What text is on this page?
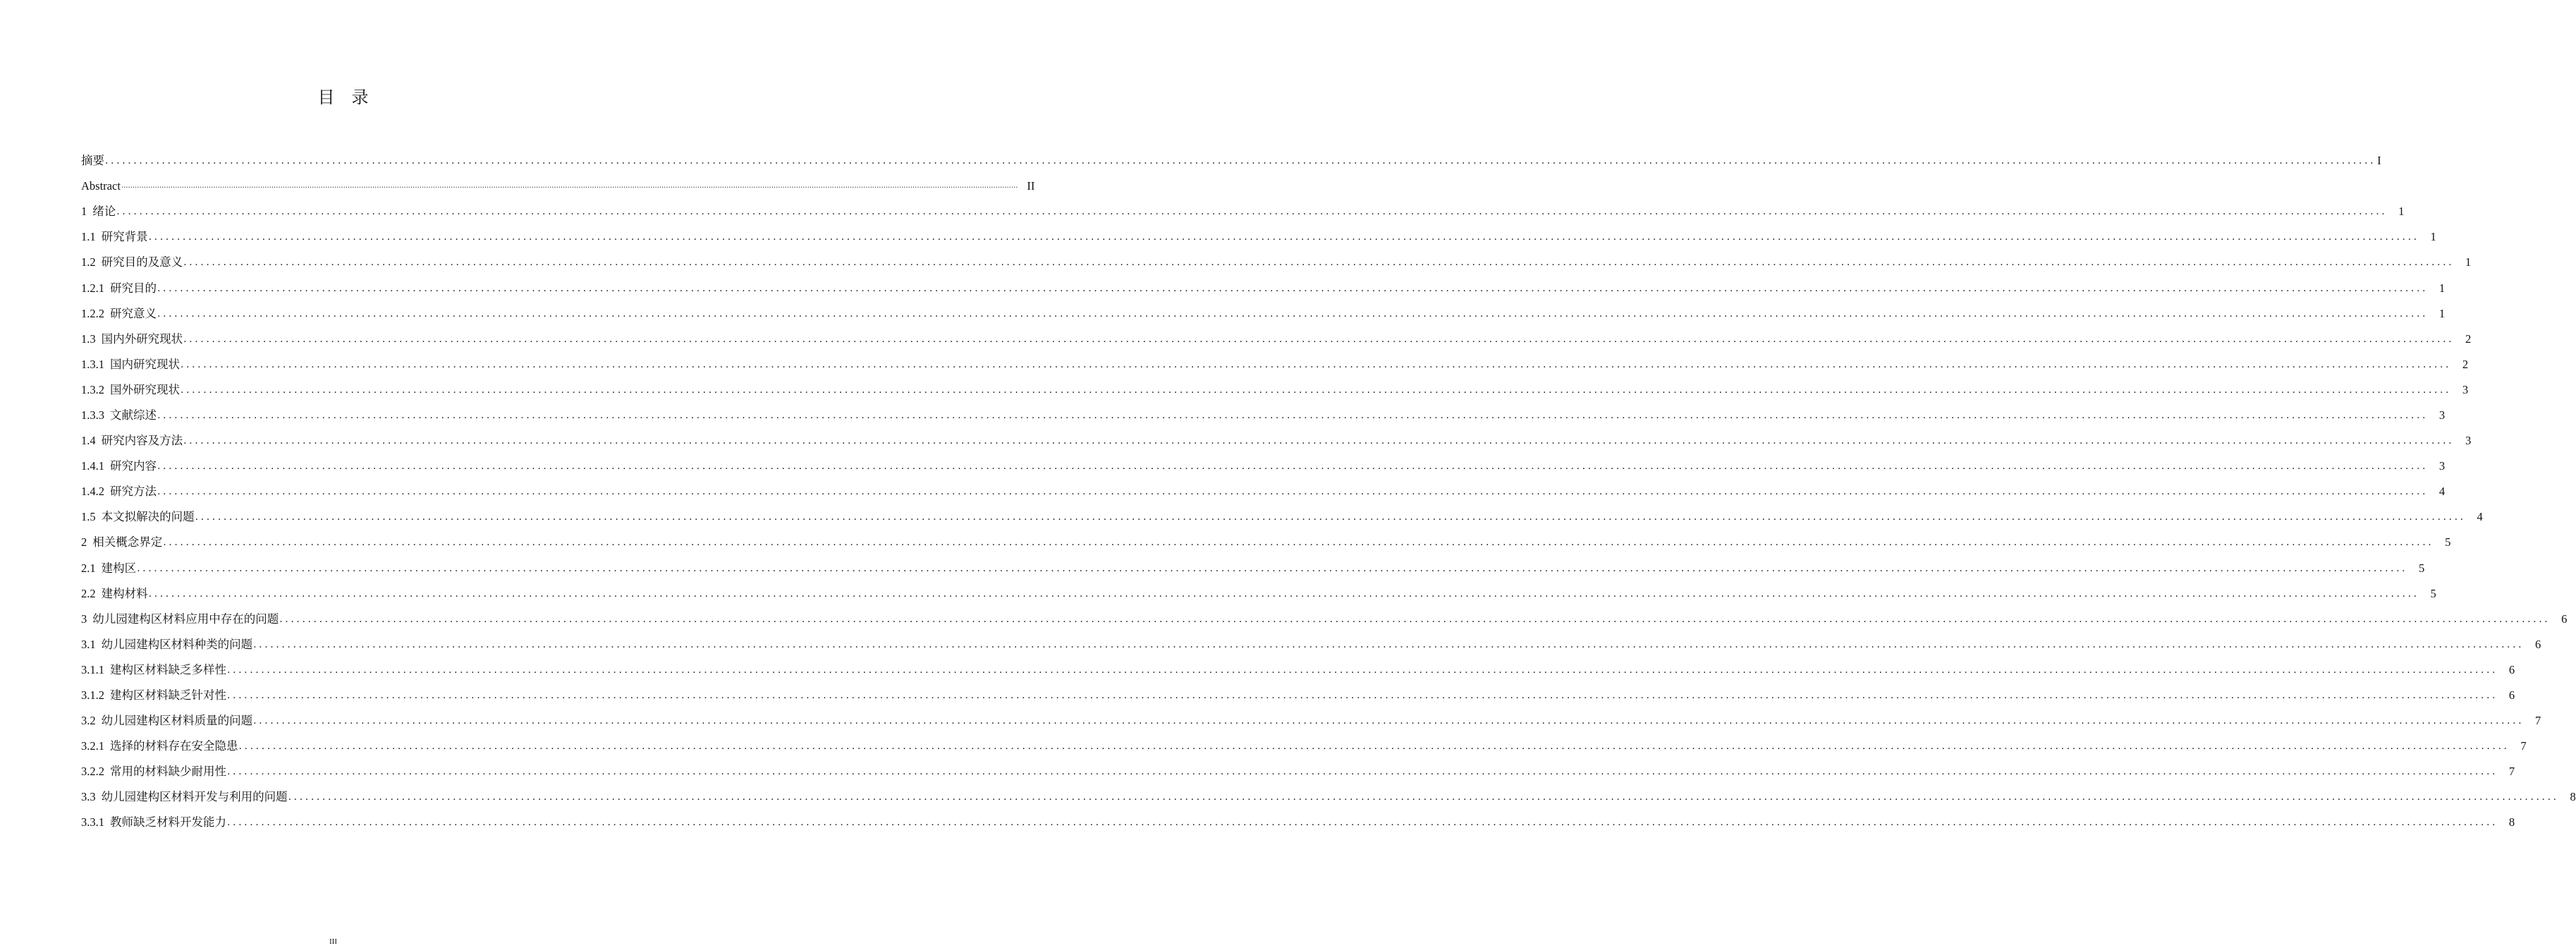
目　录
摘要 ................................................................................................................................................................................................................................................................................................................................................................................................................ I
Abstract ................................................................................................................................................................................................................................................................................................................................................................................................................ II
1 绪论 ................................................................................................................................................................................................................................................................................................................................................................................................................ 1
1.1 研究背景 ................................................................................................................................................................................................................................................................................................................................................................................................................ 1
1.2 研究目的及意义 ................................................................................................................................................................................................................................................................................................................................................................................................................ 1
1.2.1 研究目的 ................................................................................................................................................................................................................................................................................................................................................................................................................ 1
1.2.2 研究意义 ................................................................................................................................................................................................................................................................................................................................................................................................................ 1
1.3 国内外研究现状 ................................................................................................................................................................................................................................................................................................................................................................................................................ 2
1.3.1 国内研究现状 ................................................................................................................................................................................................................................................................................................................................................................................................................ 2
1.3.2 国外研究现状 ................................................................................................................................................................................................................................................................................................................................................................................................................ 3
1.3.3 文献综述 ................................................................................................................................................................................................................................................................................................................................................................................................................ 3
1.4 研究内容及方法 ................................................................................................................................................................................................................................................................................................................................................................................................................ 3
1.4.1 研究内容 ................................................................................................................................................................................................................................................................................................................................................................................................................ 3
1.4.2 研究方法 ................................................................................................................................................................................................................................................................................................................................................................................................................ 4
1.5 本文拟解决的问题 ................................................................................................................................................................................................................................................................................................................................................................................................................ 4
2 相关概念界定 ................................................................................................................................................................................................................................................................................................................................................................................................................ 5
2.1 建构区 ................................................................................................................................................................................................................................................................................................................................................................................................................ 5
2.2 建构材料 ................................................................................................................................................................................................................................................................................................................................................................................................................ 5
3 幼儿园建构区材料应用中存在的问题 ................................................................................................................................................................................................................................................................................................................................................................................................................ 6
3.1 幼儿园建构区材料种类的问题 ................................................................................................................................................................................................................................................................................................................................................................................................................ 6
3.1.1 建构区材料缺乏多样性 ................................................................................................................................................................................................................................................................................................................................................................................................................ 6
3.1.2 建构区材料缺乏针对性 ................................................................................................................................................................................................................................................................................................................................................................................................................ 6
3.2 幼儿园建构区材料质量的问题 ................................................................................................................................................................................................................................................................................................................................................................................................................ 7
3.2.1 选择的材料存在安全隐患 ................................................................................................................................................................................................................................................................................................................................................................................................................ 7
3.2.2 常用的材料缺少耐用性 ................................................................................................................................................................................................................................................................................................................................................................................................................ 7
3.3 幼儿园建构区材料开发与利用的问题 ................................................................................................................................................................................................................................................................................................................................................................................................................ 8
3.3.1 教师缺乏材料开发能力 ................................................................................................................................................................................................................................................................................................................................................................................................................ 8
III
